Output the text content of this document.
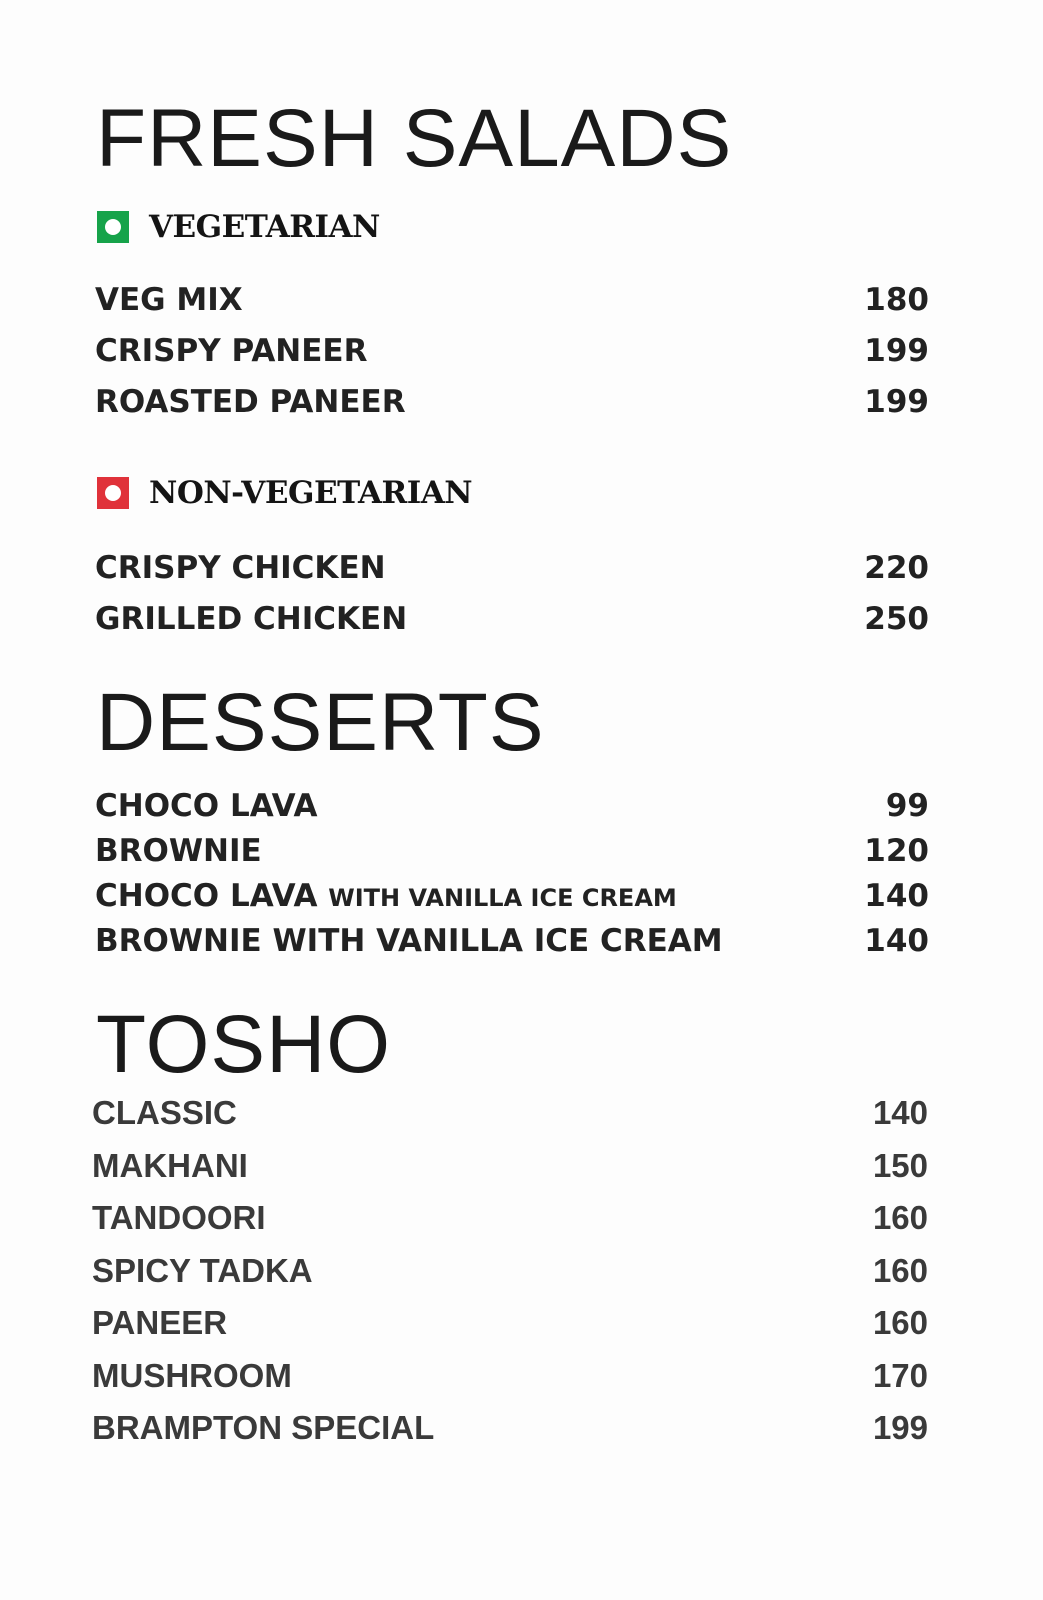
FRESH SALADS
VEGETARIAN
VEG MIX	180
CRISPY PANEER	199
ROASTED PANEER	199
NON-VEGETARIAN
CRISPY CHICKEN	220
GRILLED CHICKEN	250
DESSERTS
CHOCO LAVA	99
BROWNIE	120
CHOCO LAVA WITH VANILLA ICE CREAM	140
BROWNIE WITH VANILLA ICE CREAM	140
TOSHO
CLASSIC	140
MAKHANI	150
TANDOORI	160
SPICY TADKA	160
PANEER	160
MUSHROOM	170
BRAMPTON SPECIAL	199
